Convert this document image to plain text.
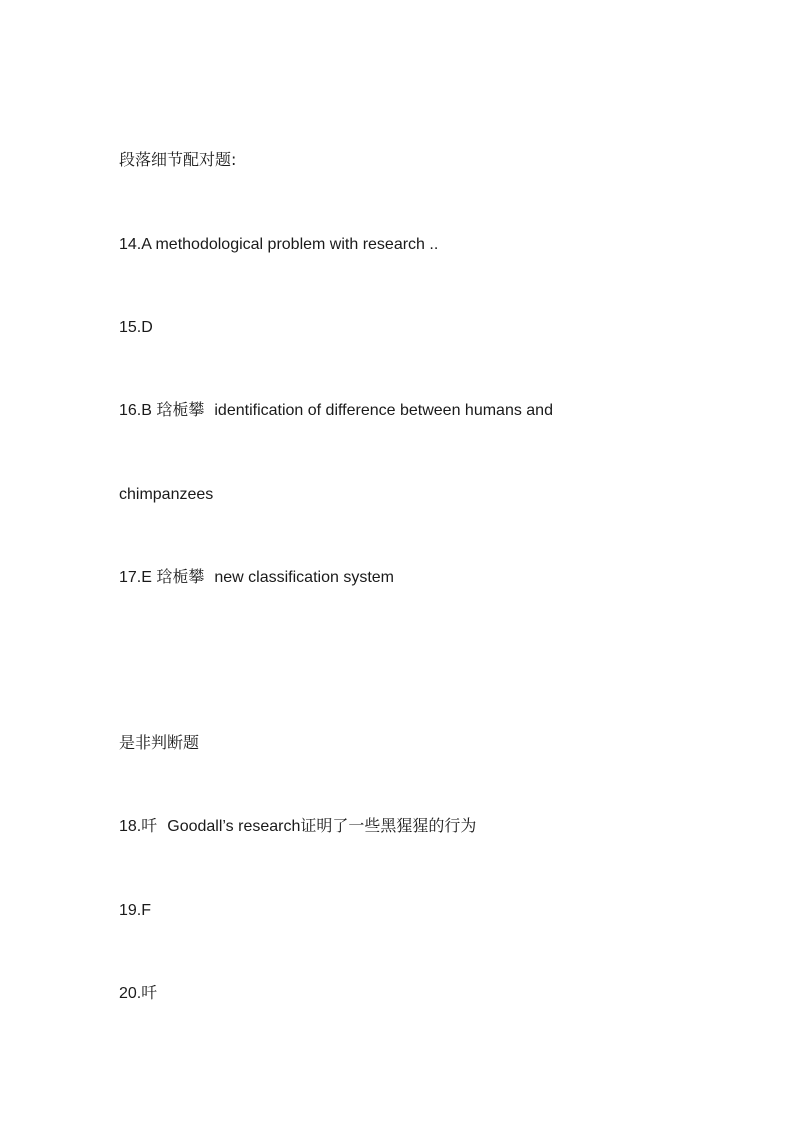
段落细节配对题:
14.A methodological problem with research ..
15.D
16.B 琀栀攀 identification of difference between humans and
chimpanzees
17.E 琀栀攀 new classification system
是非判断题
18.吀 Goodall’s research证明了一些黑猩猩的行为
19.F
20.吀
